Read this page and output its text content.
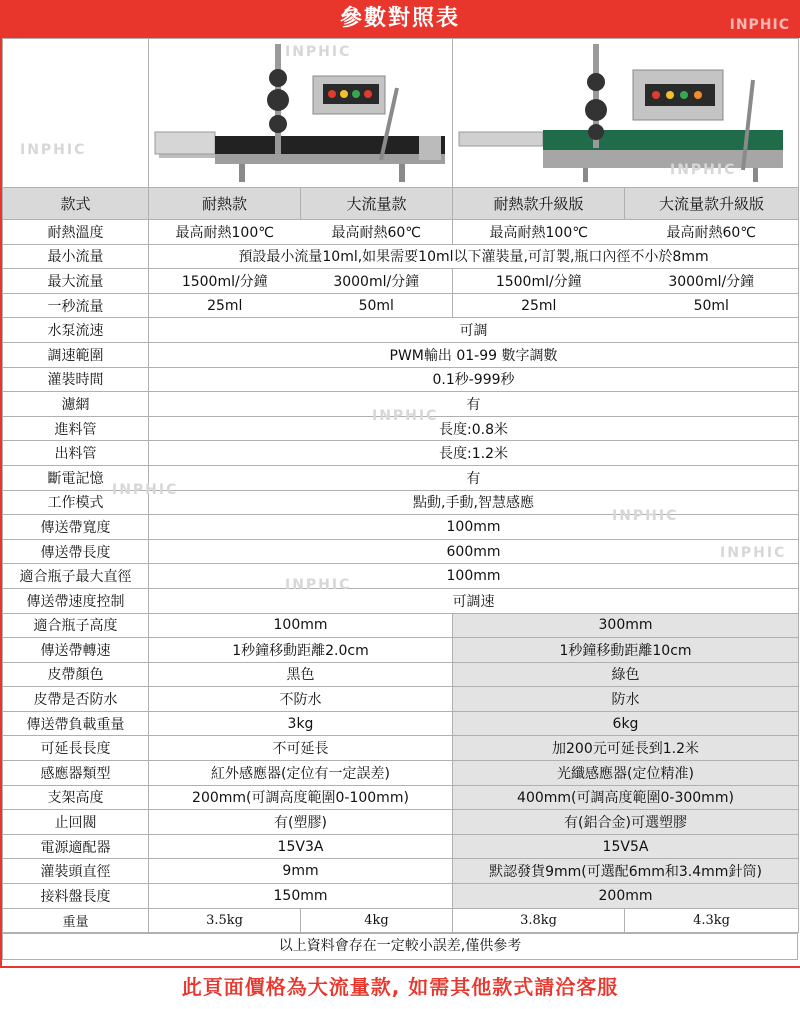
參數對照表	INPHIC

款式	耐熱款	大流量款	耐熱款升級版	大流量款升級版
耐熱溫度	最高耐熱100℃	最高耐熱60℃	最高耐熱100℃	最高耐熱60℃
最小流量	預設最小流量10ml,如果需要10ml以下灌裝量,可訂製,瓶口內徑不小於8mm			
最大流量	1500ml/分鐘	3000ml/分鐘	1500ml/分鐘	3000ml/分鐘
一秒流量	25ml	50ml	25ml	50ml
水泵流速	可調			
調速範圍	PWM輸出 01-99 數字調數			
灌裝時間	0.1秒-999秒			
濾網	有			
進料管	長度:0.8米			
出料管	長度:1.2米			
斷電記憶	有			
工作模式	點動,手動,智慧感應			
傳送帶寬度	100mm			
傳送帶長度	600mm			
適合瓶子最大直徑	100mm			
傳送帶速度控制	可調速			
適合瓶子高度	100mm		300mm	
傳送帶轉速	1秒鐘移動距離2.0cm		1秒鐘移動距離10cm	
皮帶顏色	黑色		綠色	
皮帶是否防水	不防水		防水	
傳送帶負載重量	3kg		6kg	
可延長長度	不可延長		加200元可延長到1.2米	
感應器類型	紅外感應器(定位有一定誤差)		光纖感應器(定位精准)	
支架高度	200mm(可調高度範圍0-100mm)		400mm(可調高度範圍0-300mm)	
止回閥	有(塑膠)		有(鋁合金)可選塑膠	
電源適配器	15V3A		15V5A	
灌裝頭直徑	9mm		默認發貨9mm(可選配6mm和3.4mm針筒)	
接料盤長度	150mm		200mm	
重量	3.5kg	4kg	3.8kg	4.3kg
INPHIC
INPHIC
INPHIC
INPHIC
INPHIC
INPHIC
INPHIC
INPHIC
以上資料會存在一定較小誤差,僅供參考
此頁面價格為大流量款, 如需其他款式請洽客服
